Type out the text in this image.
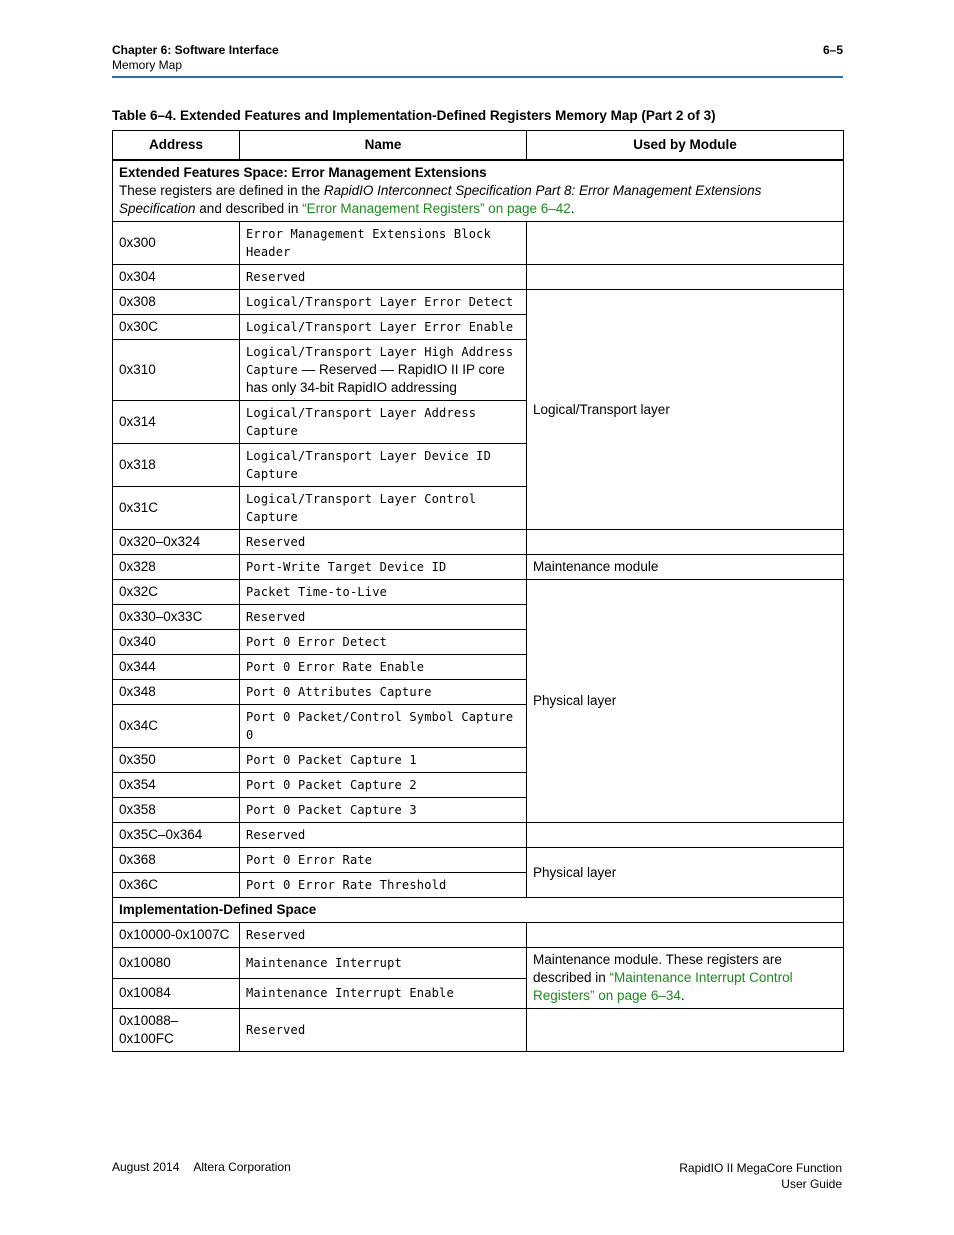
Chapter 6: Software Interface
Memory Map
6–5
Table 6–4. Extended Features and Implementation-Defined Registers Memory Map (Part 2 of 3)
Address	Name	Used by Module

Extended Features Space: Error Management Extensions
These registers are defined in the RapidIO Interconnect Specification Part 8: Error Management Extensions Specification and described in “Error Management Registers” on page 6–42.		
0x300	Error Management Extensions Block Header	
0x304	Reserved	
0x308	Logical/Transport Layer Error Detect	Logical/Transport layer
0x30C	Logical/Transport Layer Error Enable	
0x310	Logical/Transport Layer High Address Capture — Reserved — RapidIO II IP core has only 34-bit RapidIO addressing	
0x314	Logical/Transport Layer Address Capture	
0x318	Logical/Transport Layer Device ID Capture	
0x31C	Logical/Transport Layer Control Capture	
0x320–0x324	Reserved	
0x328	Port-Write Target Device ID	Maintenance module
0x32C	Packet Time-to-Live	Physical layer
0x330–0x33C	Reserved	
0x340	Port 0 Error Detect	
0x344	Port 0 Error Rate Enable	
0x348	Port 0 Attributes Capture	
0x34C	Port 0 Packet/Control Symbol Capture 0	
0x350	Port 0 Packet Capture 1	
0x354	Port 0 Packet Capture 2	
0x358	Port 0 Packet Capture 3	
0x35C–0x364	Reserved	
0x368	Port 0 Error Rate	Physical layer
0x36C	Port 0 Error Rate Threshold	
Implementation-Defined Space		
0x10000-0x1007C	Reserved	
0x10080	Maintenance Interrupt	Maintenance module. These registers are described in “Maintenance Interrupt Control Registers” on page 6–34.
0x10084	Maintenance Interrupt Enable	
0x10088–0x100FC	Reserved	
August 2014 Altera Corporation	RapidIO II MegaCore Function
User Guide
